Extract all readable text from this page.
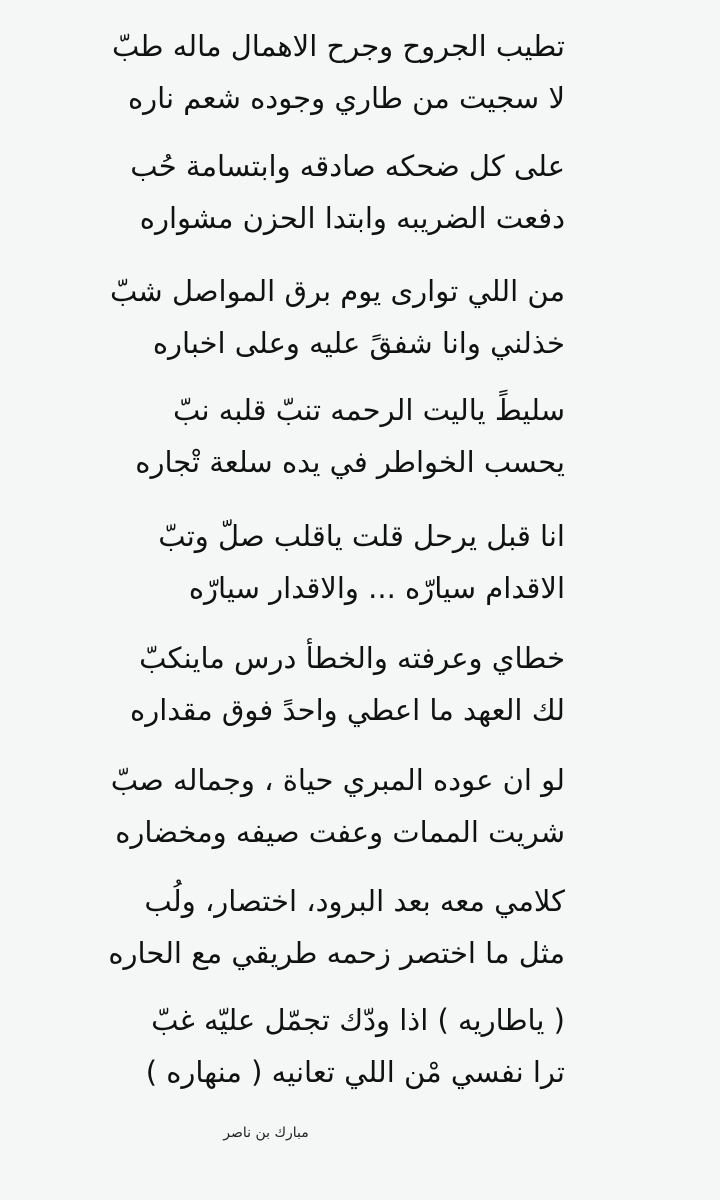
تطيب الجروح وجرح الاهمال ماله طبّ
لا سجيت من طاري وجوده شعم ناره
على كل ضحكه صادقه وابتسامة حُب
دفعت الضريبه وابتدا الحزن مشواره
من اللي توارى يوم برق المواصل شبّ
خذلني وانا شفقً عليه وعلى اخباره
سليطً ياليت الرحمه تنبّ قلبه نبّ
يحسب الخواطر في يده سلعة تْجاره
انا قبل يرحل قلت ياقلب صلّ وتبّ
الاقدام سيارّه ... والاقدار سيارّه
خطاي وعرفته والخطأ درس ماينكبّ
لك العهد ما اعطي واحدً فوق مقداره
لو ان عوده المبري حياة ، وجماله صبّ
شريت الممات وعفت صيفه ومخضاره
كلامي معه بعد البرود، اختصار، ولُب
مثل ما اختصر زحمه طريقي مع الحاره
( ياطاريه ) اذا ودّك تجمّل عليّه غبّ
ترا نفسي مْن اللي تعانيه ( منهاره )
مبارك بن ناصر
